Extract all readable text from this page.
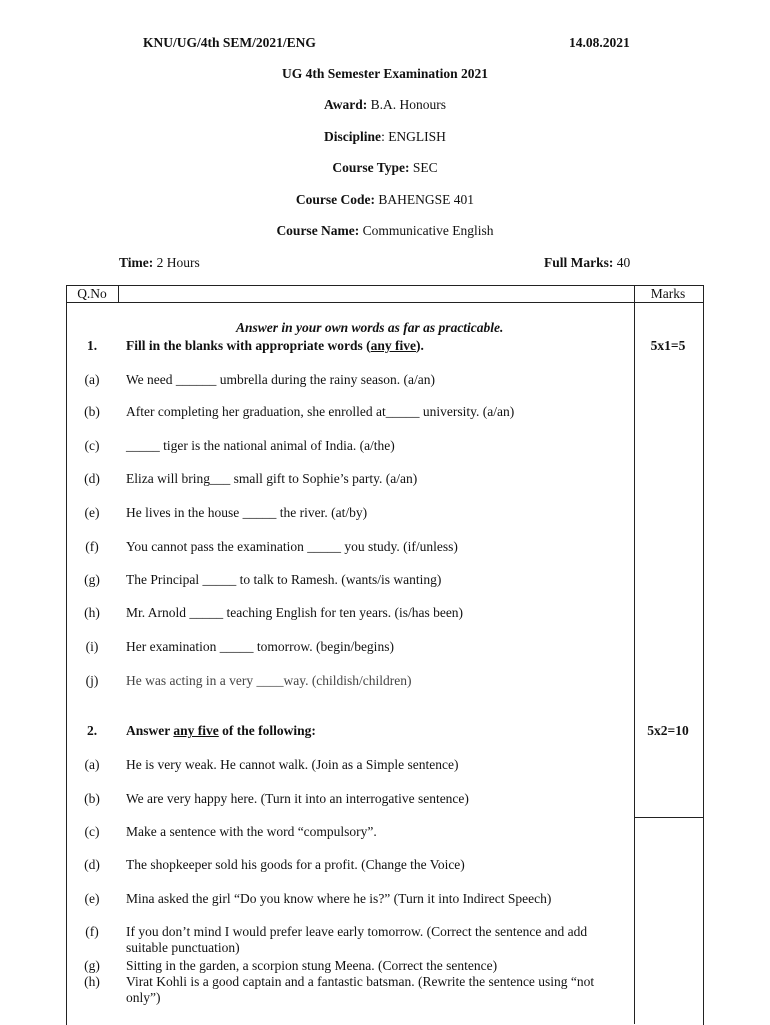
KNU/UG/4th SEM/2021/ENG	14.08.2021
UG 4th Semester Examination 2021
Award: B.A. Honours
Discipline: ENGLISH
Course Type: SEC
Course Code: BAHENGSE 401
Course Name: Communicative English
Time: 2 Hours	Full Marks: 40
Q.No	Marks
Answer in your own words as far as practicable.
1.	Fill in the blanks with appropriate words (any five).	5x1=5
(a)	We need ______ umbrella during the rainy season. (a/an)
(b)	After completing her graduation, she enrolled at_____ university. (a/an)
(c)	_____ tiger is the national animal of India. (a/the)
(d)	Eliza will bring___ small gift to Sophie’s party. (a/an)
(e)	He lives in the house _____ the river. (at/by)
(f)	You cannot pass the examination _____ you study. (if/unless)
(g)	The Principal _____ to talk to Ramesh. (wants/is wanting)
(h)	Mr. Arnold _____ teaching English for ten years. (is/has been)
(i)	Her examination _____ tomorrow. (begin/begins)
(j)	He was acting in a very ____way. (childish/children)
2.	Answer any five of the following:	5x2=10
(a)	He is very weak. He cannot walk. (Join as a Simple sentence)
(b)	We are very happy here. (Turn it into an interrogative sentence)
(c)	Make a sentence with the word “compulsory”.
(d)	The shopkeeper sold his goods for a profit. (Change the Voice)
(e)	Mina asked the girl “Do you know where he is?” (Turn it into Indirect Speech)
(f)	If you don’t mind I would prefer leave early tomorrow. (Correct the sentence and add suitable punctuation)
(g)	Sitting in the garden, a scorpion stung Meena. (Correct the sentence)
(h)	Virat Kohli is a good captain and a fantastic batsman. (Rewrite the sentence using “not only”)
